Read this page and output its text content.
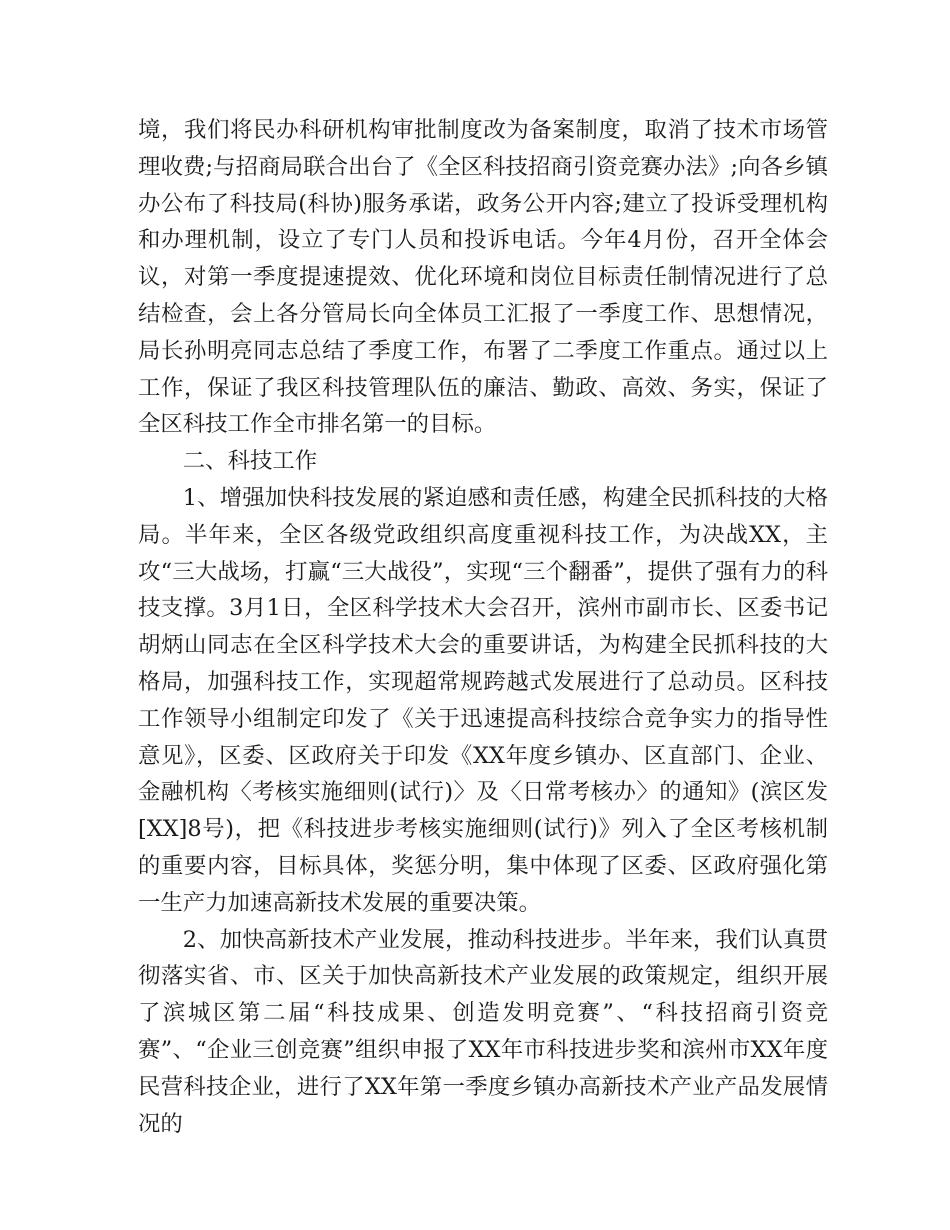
境，我们将民办科研机构审批制度改为备案制度，取消了技术市场管理收费;与招商局联合出台了《全区科技招商引资竞赛办法》;向各乡镇办公布了科技局(科协)服务承诺，政务公开内容;建立了投诉受理机构和办理机制，设立了专门人员和投诉电话。今年4月份，召开全体会议，对第一季度提速提效、优化环境和岗位目标责任制情况进行了总结检查，会上各分管局长向全体员工汇报了一季度工作、思想情况，局长孙明亮同志总结了季度工作，布署了二季度工作重点。通过以上工作，保证了我区科技管理队伍的廉洁、勤政、高效、务实，保证了全区科技工作全市排名第一的目标。

二、科技工作

1、增强加快科技发展的紧迫感和责任感，构建全民抓科技的大格局。半年来，全区各级党政组织高度重视科技工作，为决战XX，主攻“三大战场，打赢“三大战役”，实现“三个翻番”，提供了强有力的科技支撑。3月1日，全区科学技术大会召开，滨州市副市长、区委书记胡炳山同志在全区科学技术大会的重要讲话，为构建全民抓科技的大格局，加强科技工作，实现超常规跨越式发展进行了总动员。区科技工作领导小组制定印发了《关于迅速提高科技综合竞争实力的指导性意见》，区委、区政府关于印发《XX年度乡镇办、区直部门、企业、金融机构〈考核实施细则(试行)〉及〈日常考核办〉的通知》(滨区发[XX]8号)，把《科技进步考核实施细则(试行)》列入了全区考核机制的重要内容，目标具体，奖惩分明，集中体现了区委、区政府强化第一生产力加速高新技术发展的重要决策。

2、加快高新技术产业发展，推动科技进步。半年来，我们认真贯彻落实省、市、区关于加快高新技术产业发展的政策规定，组织开展了滨城区第二届“科技成果、创造发明竞赛”、“科技招商引资竞赛”、“企业三创竞赛”组织申报了XX年市科技进步奖和滨州市XX年度民营科技企业，进行了XX年第一季度乡镇办高新技术产业产品发展情况的
